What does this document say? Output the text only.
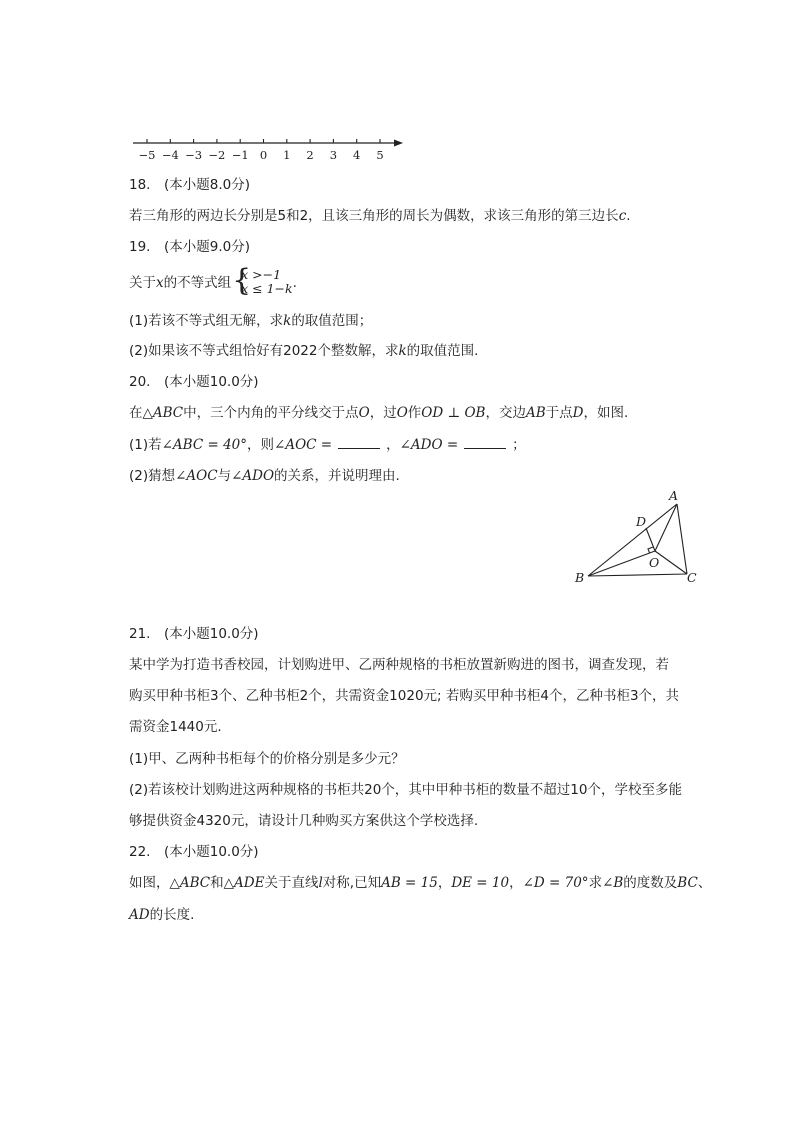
−5 −4 −3 −2 −1 0 1 2 3 4 5
18.　(本小题8.0分)
若三角形的两边长分别是5和2，且该三角形的周长为偶数，求该三角形的第三边长c.
19.　(本小题9.0分)
关于x的不等式组 {
x >−1
x ≤ 1−k .
(1)若该不等式组无解，求k的取值范围；
(2)如果该不等式组恰好有2022个整数解，求k的取值范围.
20.　(本小题10.0分)
在△ABC中，三个内角的平分线交于点O，过O作OD ⊥ OB，交边AB于点D，如图.
(1)若∠ABC = 40°，则∠AOC =	，∠ADO =	；
(2)猜想∠AOC与∠ADO的关系，并说明理由.
A
B	C
D
O
21.　(本小题10.0分)
某中学为打造书香校园，计划购进甲、乙两种规格的书柜放置新购进的图书，调查发现，若
购买甲种书柜3个、乙种书柜2个，共需资金1020元; 若购买甲种书柜4个，乙种书柜3个，共
需资金1440元.
(1)甲、乙两种书柜每个的价格分别是多少元？
(2)若该校计划购进这两种规格的书柜共20个，其中甲种书柜的数量不超过10个，学校至多能
够提供资金4320元，请设计几种购买方案供这个学校选择.
22.　(本小题10.0分)
如图，△ABC和△ADE关于直线l对称,已知AB = 15，DE = 10，∠D = 70°求∠B的度数及BC、
AD的长度.
